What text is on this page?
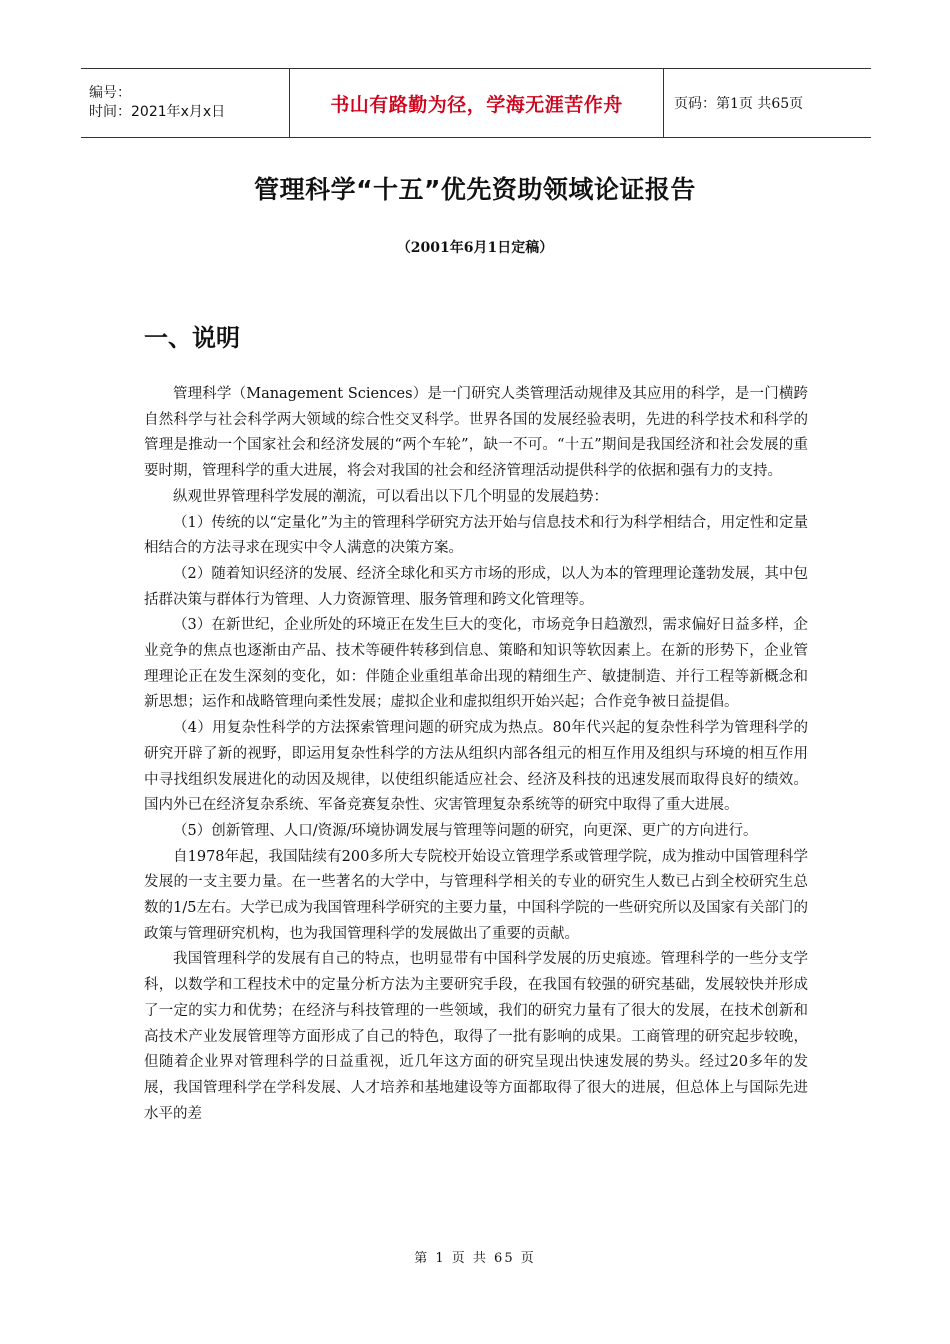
编号：
时间：2021年x月x日	书山有路勤为径，学海无涯苦作舟	页码：第1页 共65页
管理科学“十五”优先资助领域论证报告
（2001年6月1日定稿）
一、说明

管理科学（Management Sciences）是一门研究人类管理活动规律及其应用的科学，是一门横跨自然科学与社会科学两大领域的综合性交叉科学。世界各国的发展经验表明，先进的科学技术和科学的管理是推动一个国家社会和经济发展的“两个车轮”，缺一不可。“十五”期间是我国经济和社会发展的重要时期，管理科学的重大进展，将会对我国的社会和经济管理活动提供科学的依据和强有力的支持。

纵观世界管理科学发展的潮流，可以看出以下几个明显的发展趋势：

（1）传统的以“定量化”为主的管理科学研究方法开始与信息技术和行为科学相结合，用定性和定量相结合的方法寻求在现实中令人满意的决策方案。

（2）随着知识经济的发展、经济全球化和买方市场的形成，以人为本的管理理论蓬勃发展，其中包括群决策与群体行为管理、人力资源管理、服务管理和跨文化管理等。

（3）在新世纪，企业所处的环境正在发生巨大的变化，市场竞争日趋激烈，需求偏好日益多样，企业竞争的焦点也逐渐由产品、技术等硬件转移到信息、策略和知识等软因素上。在新的形势下，企业管理理论正在发生深刻的变化，如：伴随企业重组革命出现的精细生产、敏捷制造、并行工程等新概念和新思想；运作和战略管理向柔性发展；虚拟企业和虚拟组织开始兴起；合作竞争被日益提倡。

（4）用复杂性科学的方法探索管理问题的研究成为热点。80年代兴起的复杂性科学为管理科学的研究开辟了新的视野，即运用复杂性科学的方法从组织内部各组元的相互作用及组织与环境的相互作用中寻找组织发展进化的动因及规律，以使组织能适应社会、经济及科技的迅速发展而取得良好的绩效。国内外已在经济复杂系统、军备竞赛复杂性、灾害管理复杂系统等的研究中取得了重大进展。

（5）创新管理、人口/资源/环境协调发展与管理等问题的研究，向更深、更广的方向进行。

自1978年起，我国陆续有200多所大专院校开始设立管理学系或管理学院，成为推动中国管理科学发展的一支主要力量。在一些著名的大学中，与管理科学相关的专业的研究生人数已占到全校研究生总数的1/5左右。大学已成为我国管理科学研究的主要力量，中国科学院的一些研究所以及国家有关部门的政策与管理研究机构，也为我国管理科学的发展做出了重要的贡献。

我国管理科学的发展有自己的特点，也明显带有中国科学发展的历史痕迹。管理科学的一些分支学科，以数学和工程技术中的定量分析方法为主要研究手段，在我国有较强的研究基础，发展较快并形成了一定的实力和优势；在经济与科技管理的一些领域，我们的研究力量有了很大的发展，在技术创新和高技术产业发展管理等方面形成了自己的特色，取得了一批有影响的成果。工商管理的研究起步较晚，但随着企业界对管理科学的日益重视，近几年这方面的研究呈现出快速发展的势头。经过20多年的发展，我国管理科学在学科发展、人才培养和基地建设等方面都取得了很大的进展，但总体上与国际先进水平的差

第 1 页 共 65 页
